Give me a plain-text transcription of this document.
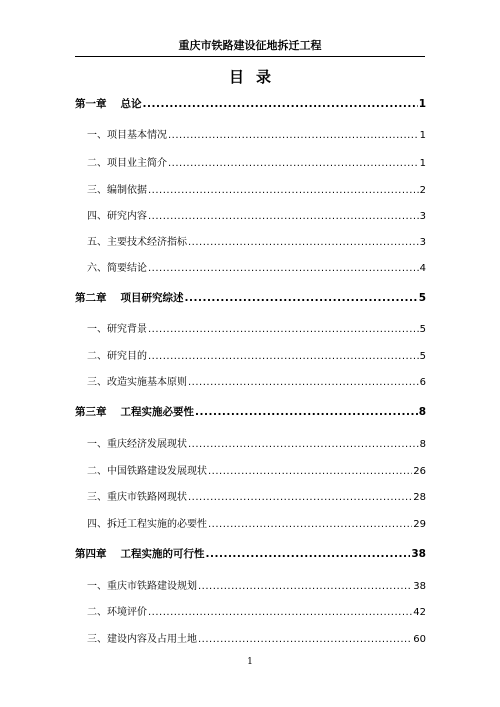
重庆市铁路建设征地拆迁工程
目录
第一章 总论 .....	1
一、项目基本情况 .....	1
二、项目业主简介 .....	1
三、编制依据 .....	2
四、研究内容 .....	3
五、主要技术经济指标 .....	3
六、简要结论 .....	4
第二章 项目研究综述 .....	5
一、研究背景 .....	5
二、研究目的 .....	5
三、改造实施基本原则 .....	6
第三章 工程实施必要性 .....	8
一、重庆经济发展现状 .....	8
二、中国铁路建设发展现状 .....	26
三、重庆市铁路网现状 .....	28
四、拆迁工程实施的必要性 .....	29
第四章 工程实施的可行性 .....	38
一、重庆市铁路建设规划 .....	38
二、环境评价 .....	42
三、建设内容及占用土地 .....	60
1
